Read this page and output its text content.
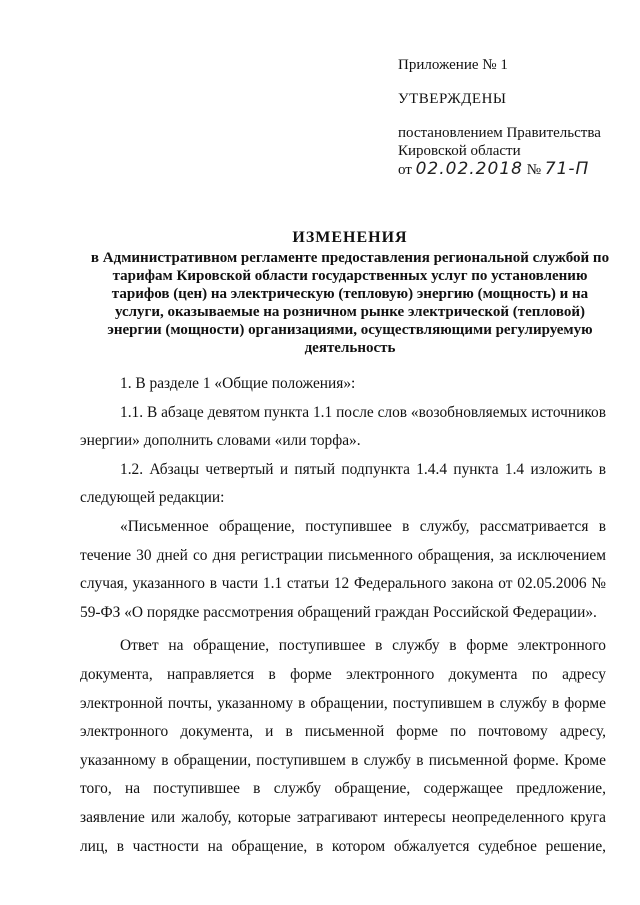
Приложение № 1
УТВЕРЖДЕНЫ
постановлением Правительства
Кировской области
от 02.02.2018 № 71-П
ИЗМЕНЕНИЯ
в Административном регламенте предоставления региональной службой по тарифам Кировской области государственных услуг по установлению тарифов (цен) на электрическую (тепловую) энергию (мощность) и на услуги, оказываемые на розничном рынке электрической (тепловой) энергии (мощности) организациями, осуществляющими регулируемую деятельность

1. В разделе 1 «Общие положения»:

1.1. В абзаце девятом пункта 1.1 после слов «возобновляемых источников энергии» дополнить словами «или торфа».

1.2. Абзацы четвертый и пятый подпункта 1.4.4 пункта 1.4 изложить в следующей редакции:

«Письменное обращение, поступившее в службу, рассматривается в течение 30 дней со дня регистрации письменного обращения, за исключением случая, указанного в части 1.1 статьи 12 Федерального закона от 02.05.2006 № 59-ФЗ «О порядке рассмотрения обращений граждан Российской Федерации».

Ответ на обращение, поступившее в службу в форме электронного документа, направляется в форме электронного документа по адресу электронной почты, указанному в обращении, поступившем в службу в форме электронного документа, и в письменной форме по почтовому адресу, указанному в обращении, поступившем в службу в письменной форме. Кроме того, на поступившее в службу обращение, содержащее предложение, заявление или жалобу, которые затрагивают интересы неопределенного круга лиц, в частности на обращение, в котором обжалуется судебное решение,
